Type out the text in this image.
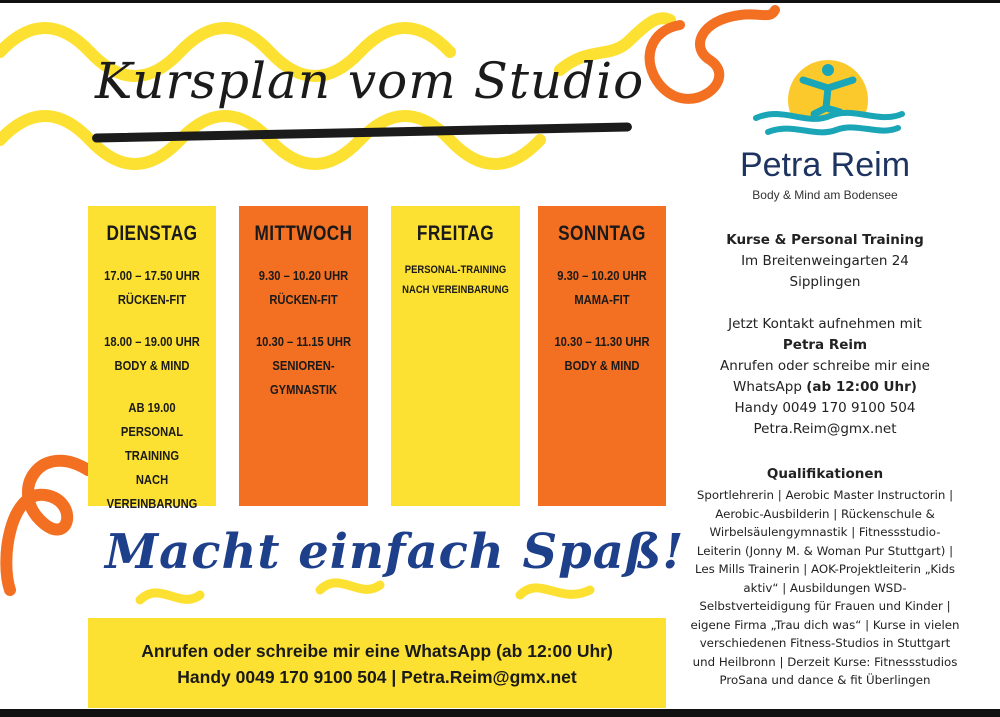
Kursplan vom Studio
DIENSTAG
17.00 – 17.50 UHR
RÜCKEN-FIT
18.00 – 19.00 UHR
BODY & MIND
AB 19.00
PERSONAL TRAINING
NACH VEREINBARUNG
MITTWOCH
9.30 – 10.20 UHR
RÜCKEN-FIT
10.30 – 11.15 UHR
SENIOREN-GYMNASTIK
FREITAG
PERSONAL-TRAINING
NACH VEREINBARUNG
SONNTAG
9.30 – 10.20 UHR
MAMA-FIT
10.30 – 11.30 UHR
BODY & MIND
Macht einfach Spaß!
Anrufen oder schreibe mir eine WhatsApp (ab 12:00 Uhr)
Handy 0049 170 9100 504 | Petra.Reim@gmx.net
Petra Reim
Body & Mind am Bodensee
Kurse & Personal Training
Im Breitenweingarten 24
Sipplingen
Jetzt Kontakt aufnehmen mit
Petra Reim
Anrufen oder schreibe mir eine
WhatsApp (ab 12:00 Uhr)
Handy 0049 170 9100 504
Petra.Reim@gmx.net
Qualifikationen
Sportlehrerin | Aerobic Master Instructorin |
Aerobic-Ausbilderin | Rückenschule &
Wirbelsäulengymnastik | Fitnessstudio-
Leiterin (Jonny M. & Woman Pur Stuttgart) |
Les Mills Trainerin | AOK-Projektleiterin „Kids
aktiv“ | Ausbildungen WSD-
Selbstverteidigung für Frauen und Kinder |
eigene Firma „Trau dich was“ | Kurse in vielen
verschiedenen Fitness-Studios in Stuttgart
und Heilbronn | Derzeit Kurse: Fitnessstudios
ProSana und dance & fit Überlingen
